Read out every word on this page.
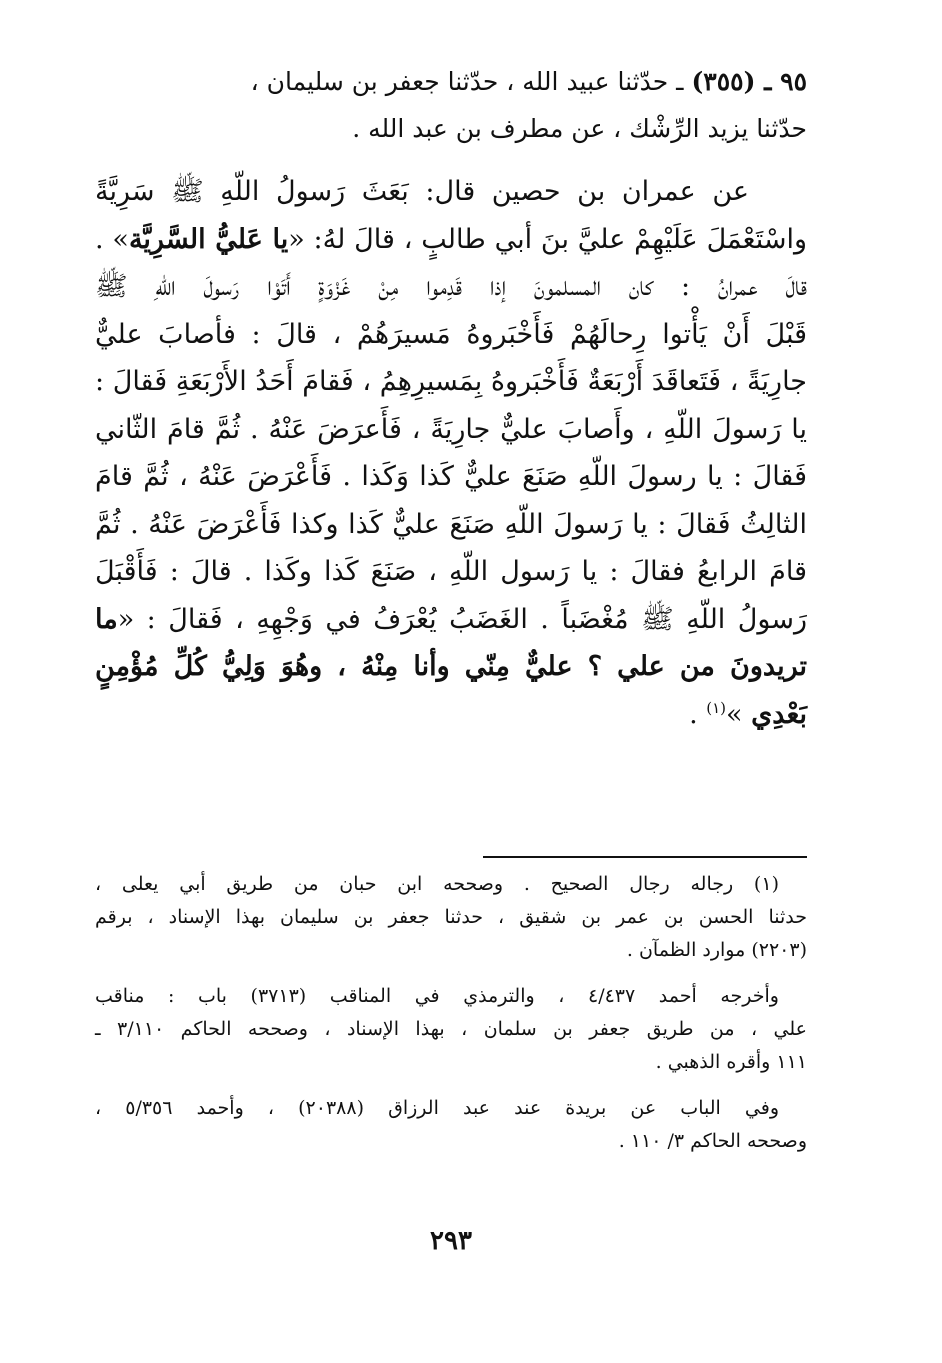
٩٥ ـ (٣٥٥) ـ حدّثنا عبيد الله ، حدّثنا جعفر بن سليمان ،
حدّثنا يزيد الرِّشْك ، عن مطرف بن عبد الله .
عن عمران بن حصين قال: بَعَثَ رَسولُ اللّهِ ﷺ سَرِيَّةً
واسْتَعْمَلَ عَلَيْهِمْ عليَّ بنَ أبي طالبٍ ، قالَ لهُ: «يا عَليُّ السَّرِيَّة» .
قالَ عمرانُ : كان المسلمونَ إذا قَدِموا مِنْ غَزْوَةٍ أَتَوْا رَسولَ اللّهِ ﷺ
قَبْلَ أَنْ يَأْتوا رِحالَهُمْ فَأَخْبَروهُ مَسيرَهُمْ ، قالَ : فأصابَ عليٌّ
جارِيَةً ، فَتَعاقَدَ أَرْبَعَةٌ فَأَخْبَروهُ بِمَسيرِهِمُ ، فَقامَ أَحَدُ الأَرْبَعَةِ فَقالَ :
يا رَسولَ اللّهِ ، وأَصابَ عليٌّ جارِيَةً ، فَأَعرَضَ عَنْهُ . ثُمَّ قامَ الثّاني
فَقالَ : يا رسولَ اللّهِ صَنَعَ عليٌّ كَذا وَكَذا . فَأَعْرَضَ عَنْهُ ، ثُمَّ قامَ
الثالِثُ فَقالَ : يا رَسولَ اللّهِ صَنَعَ عليٌّ كَذا وكذا فَأَعْرَضَ عَنْهُ . ثُمَّ
قامَ الرابعُ فقالَ : يا رَسول اللّهِ ، صَنَعَ كَذا وكَذا . قالَ : فَأَقْبَلَ
رَسولُ اللّهِ ﷺ مُغْضَباً . الغَضَبُ يُعْرَفُ في وَجْهِهِ ، فَقالَ : «ما
تريدونَ من علي ؟ عليٌّ مِنّي وأنا مِنْهُ ، وهُوَ وَلِيُّ كُلِّ مُؤْمِنٍ
بَعْدِي »$^{(١)}$ .
(١) رجاله رجال الصحيح . وصححه ابن حبان من طريق أبي يعلى ،
حدثنا الحسن بن عمر بن شقيق ، حدثنا جعفر بن سليمان بهذا الإسناد ، برقم
(٢٢٠٣) موارد الظمآن .
وأخرجه أحمد ٤/٤٣٧ ، والترمذي في المناقب (٣٧١٣) باب : مناقب
علي ، من طريق جعفر بن سلمان ، بهذا الإسناد ، وصححه الحاكم ٣/١١٠ ـ
١١١ وأقره الذهبي .
وفي الباب عن بريدة عند عبد الرزاق (٢٠٣٨٨) ، وأحمد ٥/٣٥٦ ،
وصححه الحاكم ٣/ ١١٠ .
٢٩٣
